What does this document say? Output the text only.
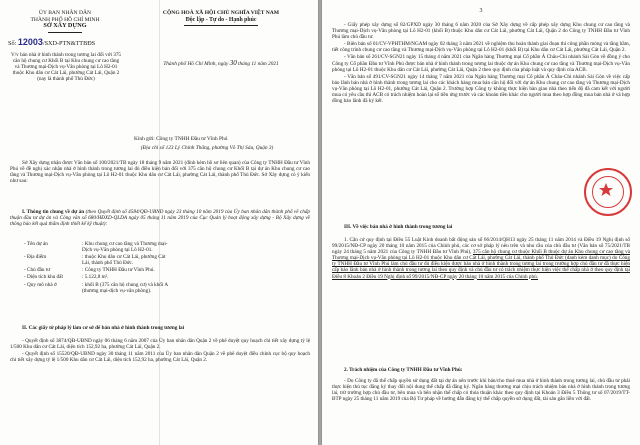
ỦY BAN NHÂN DÂN
THÀNH PHỐ HỒ CHÍ MINH
SỞ XÂY DỰNG
Số: 12003/SXD-PTN&TTBĐS
CỘNG HOÀ XÃ HỘI CHỦ NGHĨA VIỆT NAM
Độc lập - Tự do - Hạnh phúc
Thành phố Hồ Chí Minh, ngày 30 tháng 11 năm 2021
V/v bán nhà ở hình thành trong tương lai đối với 375 căn hộ chung cư Khối B tại Khu chung cư cao tầng và Thương mại-Dịch vụ-Văn phòng tại Lô H2-01 thuộc Khu dân cư Cát Lái, phường Cát Lái, Quận 2 (nay là thành phố Thủ Đức)
Kính gửi: Công ty TNHH Đầu tư Vĩnh Phú
(Địa chỉ số 123 Lý Chính Thắng, phường Võ Thị Sáu, Quận 3)
Sở Xây dựng nhận được Văn bản số 100/2021/TB ngày 18 tháng 9 năm 2021 (đính kèm hồ sơ liên quan) của Công ty TNHH Đầu tư Vĩnh Phú về đề nghị xác nhận nhà ở hình thành trong tương lai đủ điều kiện bán đối với 375 căn hộ chung cư Khối B tại dự án Khu chung cư cao tầng và Thương mại-Dịch vụ-Văn phòng tại Lô H2-01 thuộc Khu dân cư Cát Lái, phường Cát Lái, thành phố Thủ Đức. Sở Xây dựng có ý kiến như sau:
I. Thông tin chung về dự án (theo Quyết định số 4584/QĐ-UBND ngày 23 tháng 10 năm 2019 của Ủy ban nhân dân thành phố về chấp thuận đầu tư dự án và Công văn số 680/HĐXD-QLDA ngày 05 tháng 11 năm 2019 của Cục Quản lý hoạt động xây dựng - Bộ Xây dựng về thông báo kết quả thẩm định thiết kế kỹ thuật):
- Tên dự án	: Khu chung cư cao tầng và Thương mại-Dịch vụ-Văn phòng tại Lô H2-01.
- Địa điểm	: thuộc Khu dân cư Cát Lái, phường Cát Lái, thành phố Thủ Đức.
- Chủ đầu tư	: Công ty TNHH Đầu tư Vĩnh Phú.
- Diện tích khu đất	: 5.122,8 m².
- Quy mô nhà ở	: khối B (375 căn hộ chung cư) và khối A (thương mại-dịch vụ-văn phòng).
II. Các giấy tờ pháp lý làm cơ sở để bán nhà ở hình thành trong tương lai
- Quyết định số 3874/QĐ-UBND ngày 06 tháng 6 năm 2007 của Ủy ban nhân dân Quận 2 về phê duyệt quy hoạch chi tiết xây dựng tỷ lệ 1/500 Khu dân cư Cát Lái, diện tích 152,92 ha, phường Cát Lái, Quận 2.
- Quyết định số 15520/QĐ-UBND ngày 30 tháng 11 năm 2011 của Ủy ban nhân dân Quận 2 về phê duyệt điều chỉnh cục bộ quy hoạch chi tiết xây dựng tỷ lệ 1/500 Khu dân cư Cát Lái, diện tích 152,92 ha, phường Cát Lái, Quận 2.
3
- Giấy phép xây dựng số 82/GPXD ngày 30 tháng 6 năm 2020 của Sở Xây dựng về cấp phép xây dựng Khu chung cư cao tầng và Thương mại-Dịch vụ-Văn phòng tại Lô H2-01 (khối B) thuộc Khu dân cư Cát Lái, phường Cát Lái, Quận 2 do Công ty TNHH Đầu tư Vĩnh Phú làm chủ đầu tư.
- Biên bản số 01/CV-VPHTHM/NGAM ngày 02 tháng 3 năm 2021 về nghiệm thu hoàn thành giai đoạn thi công phần móng và tầng hầm, tiết công trình chung cư cao tầng và Thương mại-Dịch vụ-Văn phòng tại Lô H2-01 (khối B) tại Khu dân cư Cát Lái, phường Cát Lái, Quận 2.
- Văn bản số 261/CV-SGN21 ngày 15 tháng 4 năm 2021 của Ngân hàng Thương mại Cổ phần Á Châu-Chi nhánh Sài Gòn về đồng ý cho Công ty Cổ phần Đầu tư Vĩnh Phú được bán nhà ở hình thành trong tương lai thuộc dự án Khu chung cư cao tầng và Thương mại-Dịch vụ-Văn phòng tại Lô H2-01 thuộc Khu dân cư Cát Lái, phường Cát Lái, Quận 2 theo quy định của pháp luật và quy định của ACB.
- Văn bản số 491/CV-SGN21 ngày 14 tháng 7 năm 2021 của Ngân hàng Thương mại Cổ phần Á Châu-Chi nhánh Sài Gòn về việc cấp bảo lãnh bán nhà ở hình thành trong tương lai cho các khách hàng mua bán căn hộ đối với dự án Khu chung cư cao tầng và Thương mại-Dịch vụ-Văn phòng tại Lô H2-01, phường Cát Lái, Quận 2. Trường hợp Công ty không thực hiện bàn giao nhà theo tiến độ đã cam kết với người mua có yêu cầu thì ACB có trách nhiệm hoàn lại số tiền ứng trước và các khoản tiền khác cho người mua theo hợp đồng mua bán nhà ở và hợp đồng bảo lãnh đã ký kết.
III. Về việc bán nhà ở hình thành trong tương lai
1. Căn cứ quy định tại Điều 55 Luật Kinh doanh bất động sản số 66/2014/QH13 ngày 25 tháng 11 năm 2014 và Điều 19 Nghị định số 99/2015/NĐ-CP ngày 20 tháng 10 năm 2015 của Chính phủ, các cơ sở pháp lý nêu trên và nhu cầu của chủ đầu tư (Văn bản số 75/2021/TB ngày 24 tháng 5 năm 2021 của Công ty TNHH Đầu tư Vĩnh Phú), 375 căn hộ chung cư thuộc Khối B thuộc dự án Khu chung cư cao tầng và Thương mại-Dịch vụ-Văn phòng tại Lô H2-01 thuộc Khu dân cư Cát Lái, phường Cát Lái, thành phố Thủ Đức (danh kèm danh mục) do Công ty TNHH Đầu tư Vĩnh Phú làm chủ đầu tư đủ điều kiện được bán nhà ở hình thành trong tương lai trong trường hợp chủ đầu tư đã thực hiện cấp bảo lãnh bán nhà ở hình thành trong tương lai theo quy định và chủ đầu tư có trách nhiệm thực hiện việc thế chấp nhà ở theo quy định tại Điều 8 Khoản 2 Điều 19 Nghị định số 99/2015/NĐ-CP ngày 20 tháng 10 năm 2015 của Chính phủ.
2. Trách nhiệm của Công ty TNHH Đầu tư Vĩnh Phú:
- Do Công ty đã thế chấp quyền sử dụng đất tại dự án nên trước khi bán/cho thuê mua nhà ở hình thành trong tương lai, chủ đầu tư phải thực hiện thủ tục đăng ký thay đổi nội dung thế chấp đã đăng ký. Ngân hàng thương mại chịu trách nhiệm bán nhà ở hình thành trong tương lai, trừ trường hợp chủ đầu tư, bên mua và bên nhận thế chấp có thỏa thuận khác theo quy định tại Khoản 3 Điều 5 Thông tư số 07/2019/TT-BTP ngày 25 tháng 11 năm 2019 của Bộ Tư pháp về hướng dẫn đăng ký thế chấp quyền sử dụng đất, tài sản gắn liền với đất.
